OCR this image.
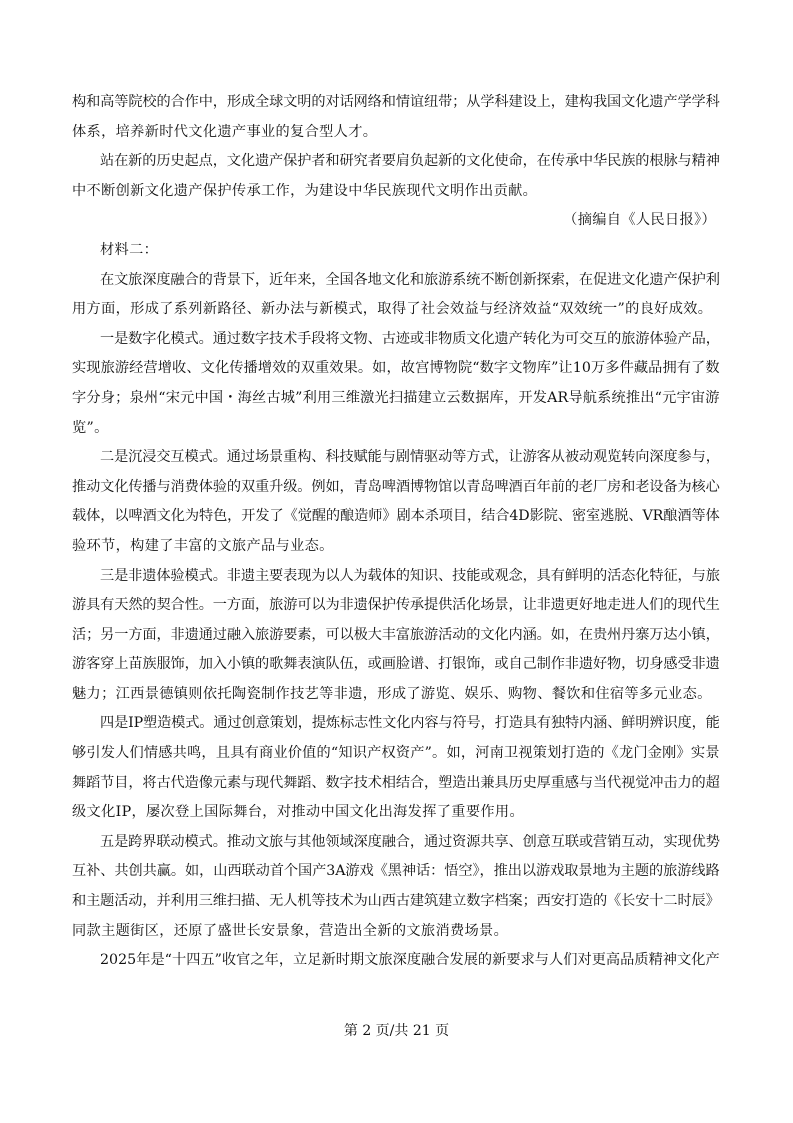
构和高等院校的合作中，形成全球文明的对话网络和情谊纽带；从学科建设上，建构我国文化遗产学学科
体系，培养新时代文化遗产事业的复合型人才。
站在新的历史起点，文化遗产保护者和研究者要肩负起新的文化使命，在传承中华民族的根脉与精神
中不断创新文化遗产保护传承工作，为建设中华民族现代文明作出贡献。
（摘编自《人民日报》）
材料二：
在文旅深度融合的背景下，近年来，全国各地文化和旅游系统不断创新探索，在促进文化遗产保护利
用方面，形成了系列新路径、新办法与新模式，取得了社会效益与经济效益“双效统一”的良好成效。
一是数字化模式。通过数字技术手段将文物、古迹或非物质文化遗产转化为可交互的旅游体验产品，
实现旅游经营增收、文化传播增效的双重效果。如，故宫博物院“数字文物库”让10万多件藏品拥有了数
字分身；泉州“宋元中国・海丝古城”利用三维激光扫描建立云数据库，开发AR导航系统推出“元宇宙游
览”。
二是沉浸交互模式。通过场景重构、科技赋能与剧情驱动等方式，让游客从被动观览转向深度参与，
推动文化传播与消费体验的双重升级。例如，青岛啤酒博物馆以青岛啤酒百年前的老厂房和老设备为核心
载体，以啤酒文化为特色，开发了《觉醒的酿造师》剧本杀项目，结合4D影院、密室逃脱、VR酿酒等体
验环节，构建了丰富的文旅产品与业态。
三是非遗体验模式。非遗主要表现为以人为载体的知识、技能或观念，具有鲜明的活态化特征，与旅
游具有天然的契合性。一方面，旅游可以为非遗保护传承提供活化场景，让非遗更好地走进人们的现代生
活；另一方面，非遗通过融入旅游要素，可以极大丰富旅游活动的文化内涵。如，在贵州丹寨万达小镇，
游客穿上苗族服饰，加入小镇的歌舞表演队伍，或画脸谱、打银饰，或自己制作非遗好物，切身感受非遗
魅力；江西景德镇则依托陶瓷制作技艺等非遗，形成了游览、娱乐、购物、餐饮和住宿等多元业态。
四是IP塑造模式。通过创意策划，提炼标志性文化内容与符号，打造具有独特内涵、鲜明辨识度，能
够引发人们情感共鸣，且具有商业价值的“知识产权资产”。如，河南卫视策划打造的《龙门金刚》实景
舞蹈节目，将古代造像元素与现代舞蹈、数字技术相结合，塑造出兼具历史厚重感与当代视觉冲击力的超
级文化IP，屡次登上国际舞台，对推动中国文化出海发挥了重要作用。
五是跨界联动模式。推动文旅与其他领域深度融合，通过资源共享、创意互联或营销互动，实现优势
互补、共创共赢。如，山西联动首个国产3A游戏《黑神话：悟空》，推出以游戏取景地为主题的旅游线路
和主题活动，并利用三维扫描、无人机等技术为山西古建筑建立数字档案；西安打造的《长安十二时辰》
同款主题街区，还原了盛世长安景象，营造出全新的文旅消费场景。
2025年是“十四五”收官之年，立足新时期文旅深度融合发展的新要求与人们对更高品质精神文化产
第 2 页/共 21 页
